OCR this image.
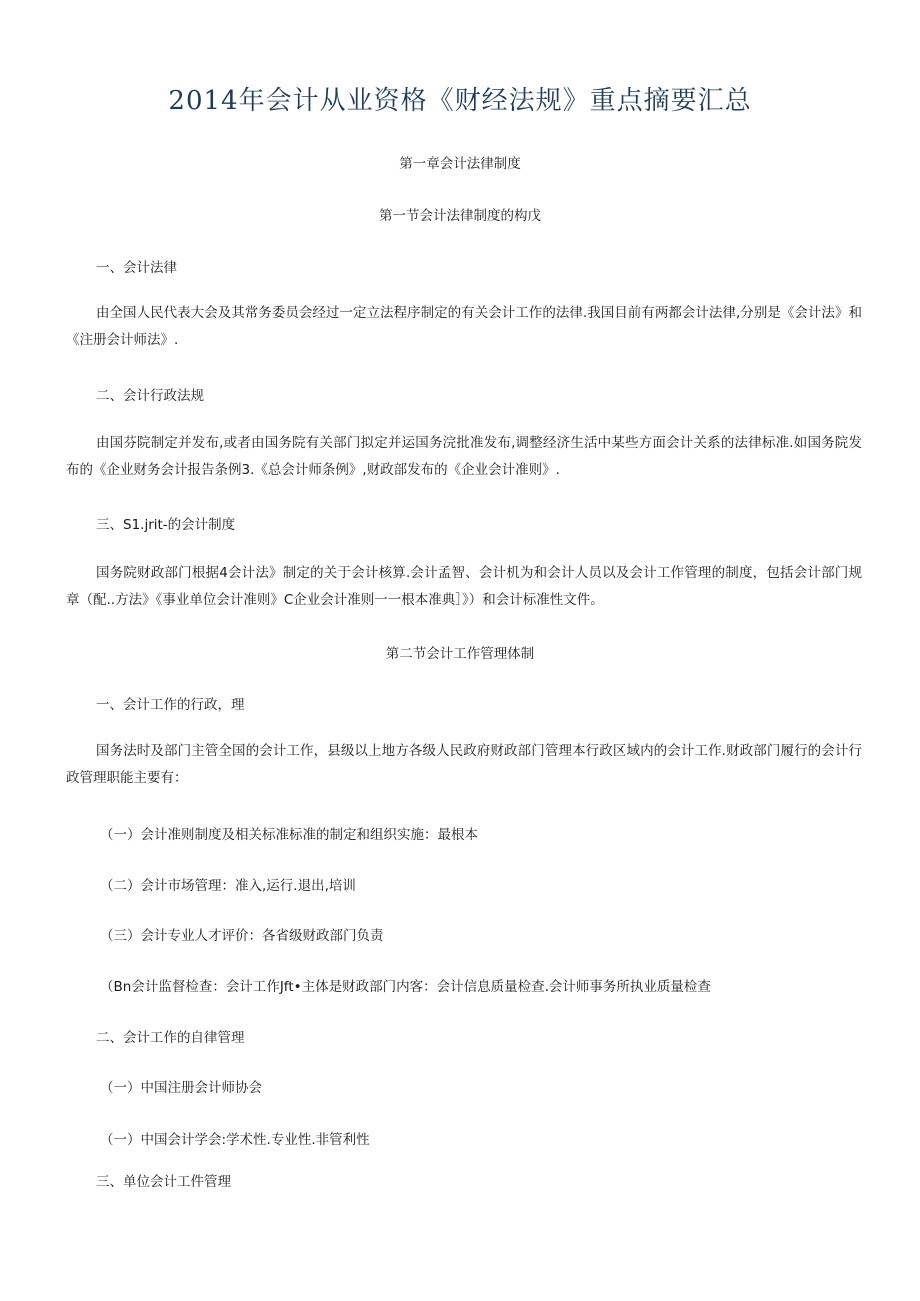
2014年会计从业资格《财经法规》重点摘要汇总
第一章会计法律制度
第一节会计法律制度的构戊
一、会计法律
由全国人民代表大会及其常务委员会经过一定立法程序制定的有关会计工作的法律.我国目前有两都会计法律,分别是《会计法》和《注册会计师法》.
二、会计行政法规
由国芬院制定并发布,或者由国务院有关部门拟定并运国务浣批准发布,调整经济生活中某些方面会计关系的法律标准.如国务院发布的《企业财务会计报告条例3.《总会计师条例》,财政部发布的《企业会计准则》.
三、S1.jrit-的会计制度
国务院财政部门根据4会计法》制定的关于会计核算.会计孟智、会计机为和会计人员以及会计工作管理的制度，包括会计部门规章（配..方法》《事业单位会计准则》C企业会计准则一一根本准典］》）和会计标准性文件。
第二节会计工作管理体制
一、会计工作的行政，理
国务法时及部门主管全国的会计工作，县级以上地方各级人民政府财政部门管理本行政区域内的会计工作.财政部门履行的会计行政管理职能主要有：
（一）会计准则制度及相关标准标准的制定和组织实施：最根本
（二）会计市场管理：准入,运行.退出,培训
（三）会计专业人才评价：各省级财政部门负责
（Bn会计监督检查：会计工作Jft•主体是财政部门内客：会计信息质量检查.会计师事务所执业质量检查
二、会计工作的自律管理
（一）中国注册会计师协会
（一）中国会计学会:学术性.专业性.非管利性
三、单位会计工件管理
